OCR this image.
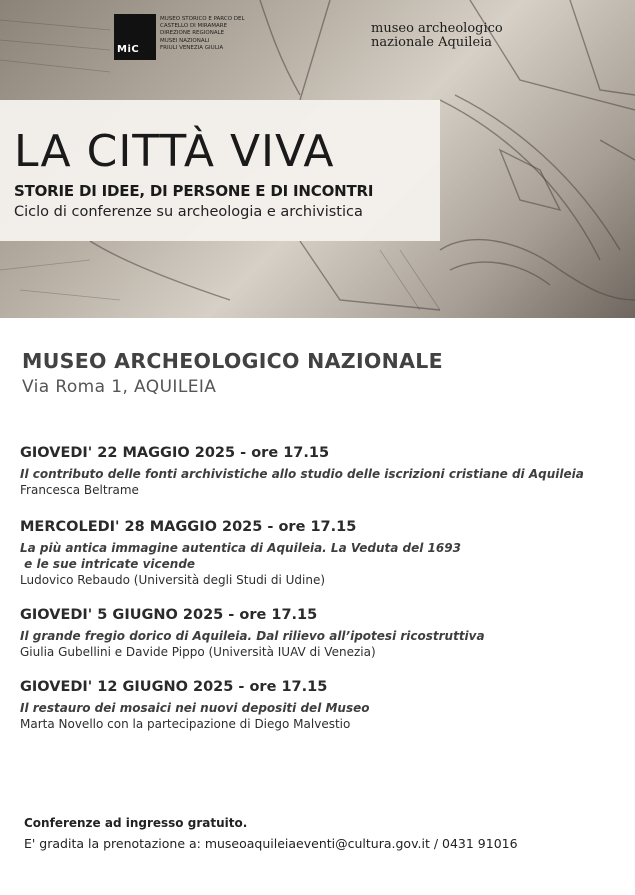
MiC
MUSEO STORICO E PARCO DEL
CASTELLO DI MIRAMARE
DIREZIONE REGIONALE
MUSEI NAZIONALI
FRIULI VENEZIA GIULIA
museo archeologico
nazionale Aquileia
LA CITTÀ VIVA
STORIE DI IDEE, DI PERSONE E DI INCONTRI
Ciclo di conferenze su archeologia e archivistica
MUSEO ARCHEOLOGICO NAZIONALE
Via Roma 1, AQUILEIA
GIOVEDI' 22 MAGGIO 2025 - ore 17.15
Il contributo delle fonti archivistiche allo studio delle iscrizioni cristiane di Aquileia
Francesca Beltrame
MERCOLEDI' 28 MAGGIO 2025 - ore 17.15
La più antica immagine autentica di Aquileia. La Veduta del 1693
e le sue intricate vicende
Ludovico Rebaudo (Università degli Studi di Udine)
GIOVEDI' 5 GIUGNO 2025 - ore 17.15
Il grande fregio dorico di Aquileia. Dal rilievo all’ipotesi ricostruttiva
Giulia Gubellini e Davide Pippo (Università IUAV di Venezia)
GIOVEDI' 12 GIUGNO 2025 - ore 17.15
Il restauro dei mosaici nei nuovi depositi del Museo
Marta Novello con la partecipazione di Diego Malvestio
Conferenze ad ingresso gratuito.
E' gradita la prenotazione a: museoaquileiaeventi@cultura.gov.it / 0431 91016
